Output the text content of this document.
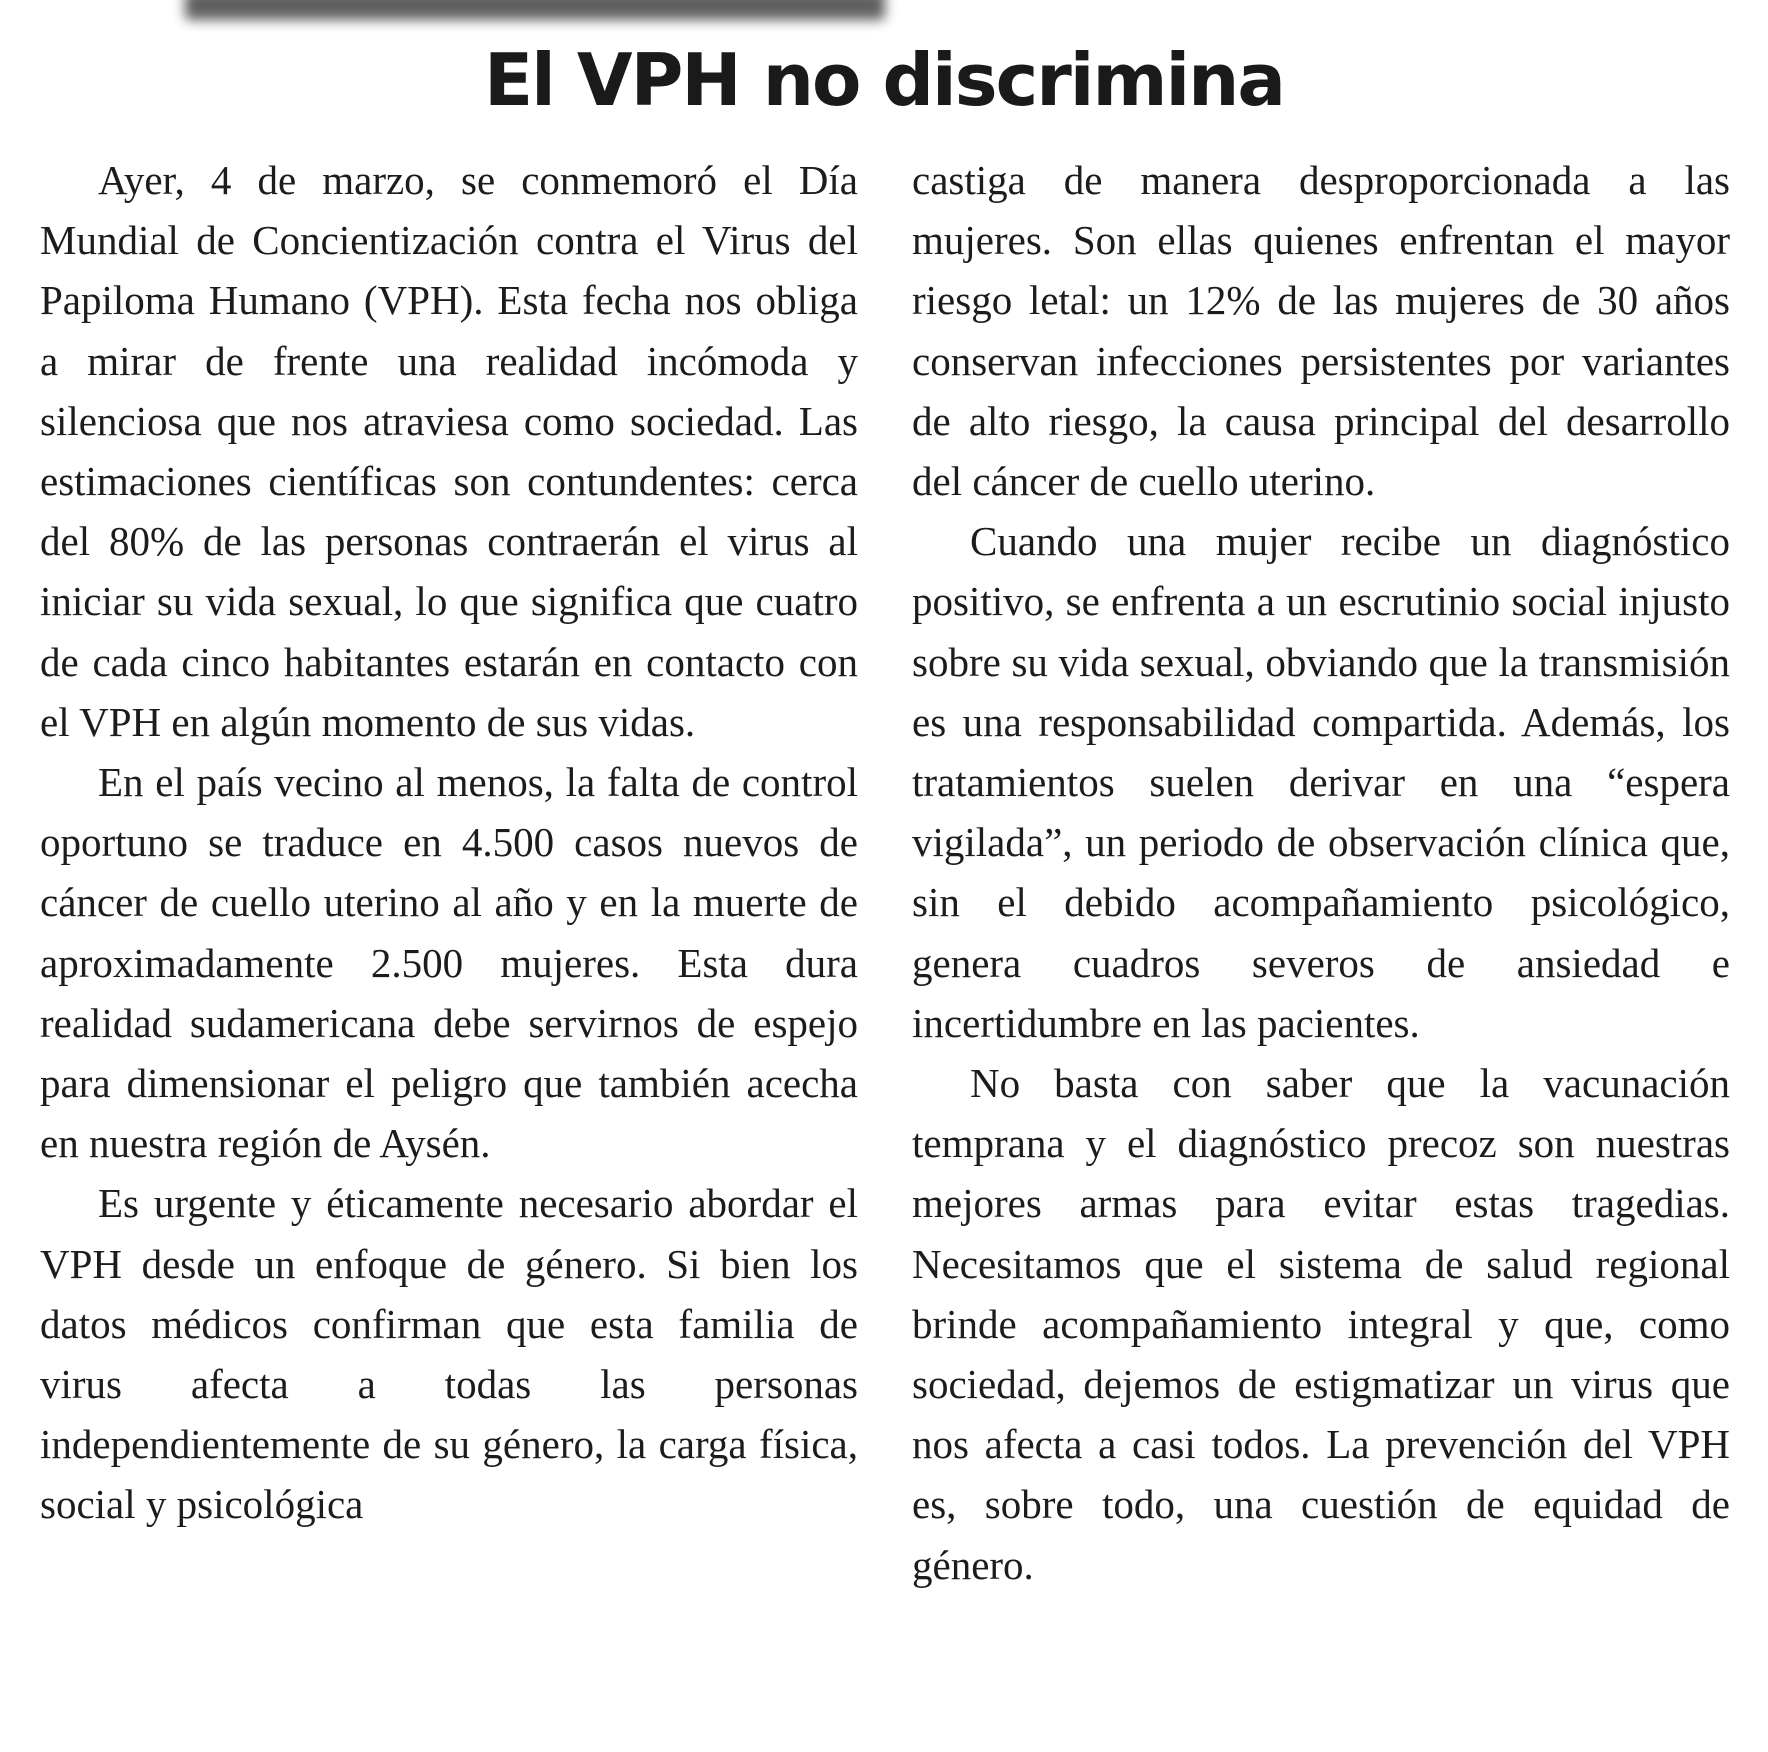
El VPH no discrimina

Ayer, 4 de marzo, se conmemoró el Día Mundial de Concientización contra el Virus del Papiloma Humano (VPH). Esta fecha nos obliga a mirar de frente una realidad incómoda y silenciosa que nos atraviesa como sociedad. Las estimaciones científicas son contundentes: cerca del 80% de las personas contraerán el virus al iniciar su vida sexual, lo que significa que cuatro de cada cinco habitantes estarán en contacto con el VPH en algún momento de sus vidas.

En el país vecino al menos, la falta de control oportuno se traduce en 4.500 casos nuevos de cáncer de cuello uterino al año y en la muerte de aproximadamente 2.500 mujeres. Esta dura realidad sudamericana debe servirnos de espejo para dimensionar el peligro que también acecha en nuestra región de Aysén.

Es urgente y éticamente necesario abordar el VPH desde un enfoque de género. Si bien los datos médicos confirman que esta familia de virus afecta a todas las personas independientemente de su género, la carga física, social y psicológica

castiga de manera desproporcionada a las mujeres. Son ellas quienes enfrentan el mayor riesgo letal: un 12% de las mujeres de 30 años conservan infecciones persistentes por variantes de alto riesgo, la causa principal del desarrollo del cáncer de cuello uterino.

Cuando una mujer recibe un diagnóstico positivo, se enfrenta a un escrutinio social injusto sobre su vida sexual, obviando que la transmisión es una responsabilidad compartida. Además, los tratamientos suelen derivar en una “espera vigilada”, un periodo de observación clínica que, sin el debido acompañamiento psicológico, genera cuadros severos de ansiedad e incertidumbre en las pacientes.

No basta con saber que la vacunación temprana y el diagnóstico precoz son nuestras mejores armas para evitar estas tragedias. Necesitamos que el sistema de salud regional brinde acompañamiento integral y que, como sociedad, dejemos de estigmatizar un virus que nos afecta a casi todos. La prevención del VPH es, sobre todo, una cuestión de equidad de género.
